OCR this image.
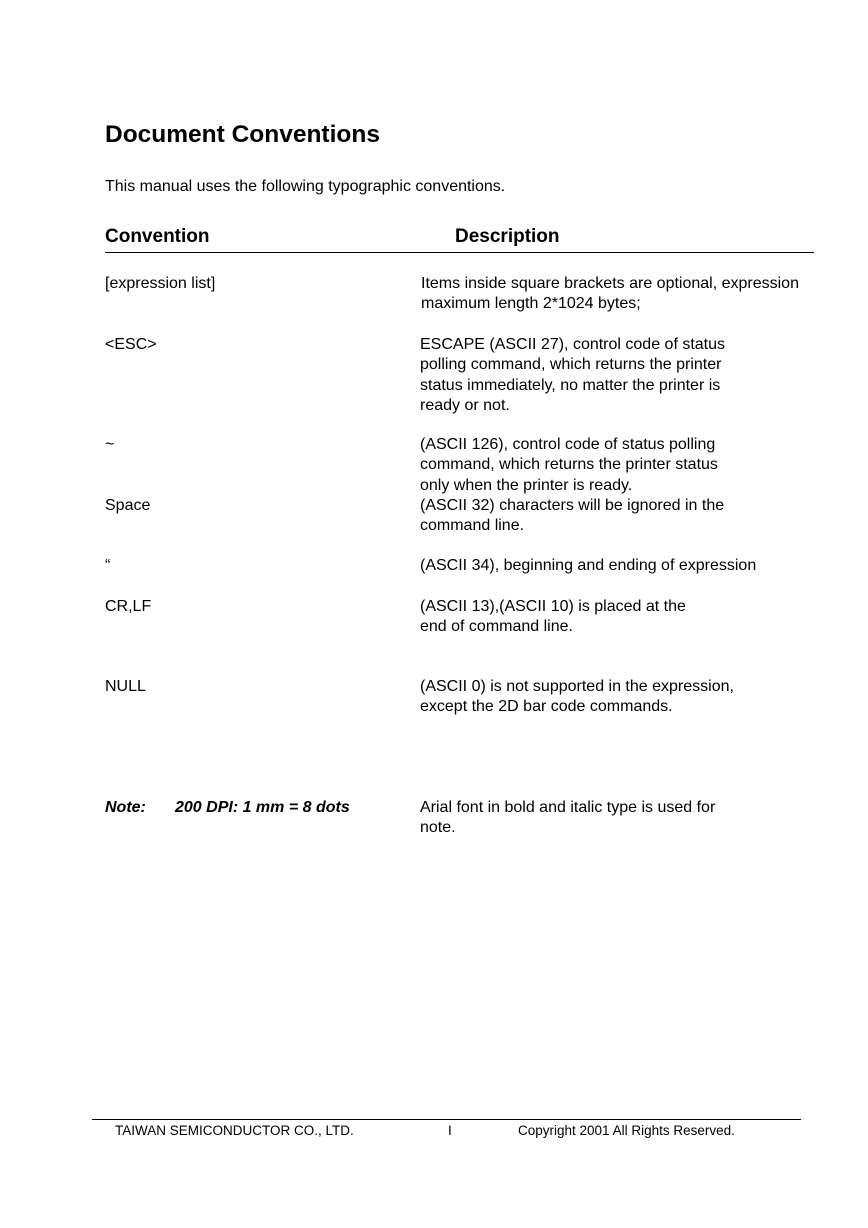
Document Conventions
This manual uses the following typographic conventions.
Convention	Description
[expression list]	Items inside square brackets are optional, expression
maximum length 2*1024 bytes;
<ESC>	ESCAPE (ASCII 27), control code of status
polling command, which returns the printer
status immediately, no matter the printer is
ready or not.
~	(ASCII 126), control code of status polling
command, which returns the printer status
only when the printer is ready.
Space	(ASCII 32) characters will be ignored in the
command line.
“	(ASCII 34), beginning and ending of expression
CR,LF	(ASCII 13),(ASCII 10) is placed at the
end of command line.
NULL	(ASCII 0) is not supported in the expression,
except the 2D bar code commands.
Note: 200 DPI: 1 mm = 8 dots	Arial font in bold and italic type is used for
note.
TAIWAN SEMICONDUCTOR CO., LTD.	I	Copyright 2001 All Rights Reserved.
